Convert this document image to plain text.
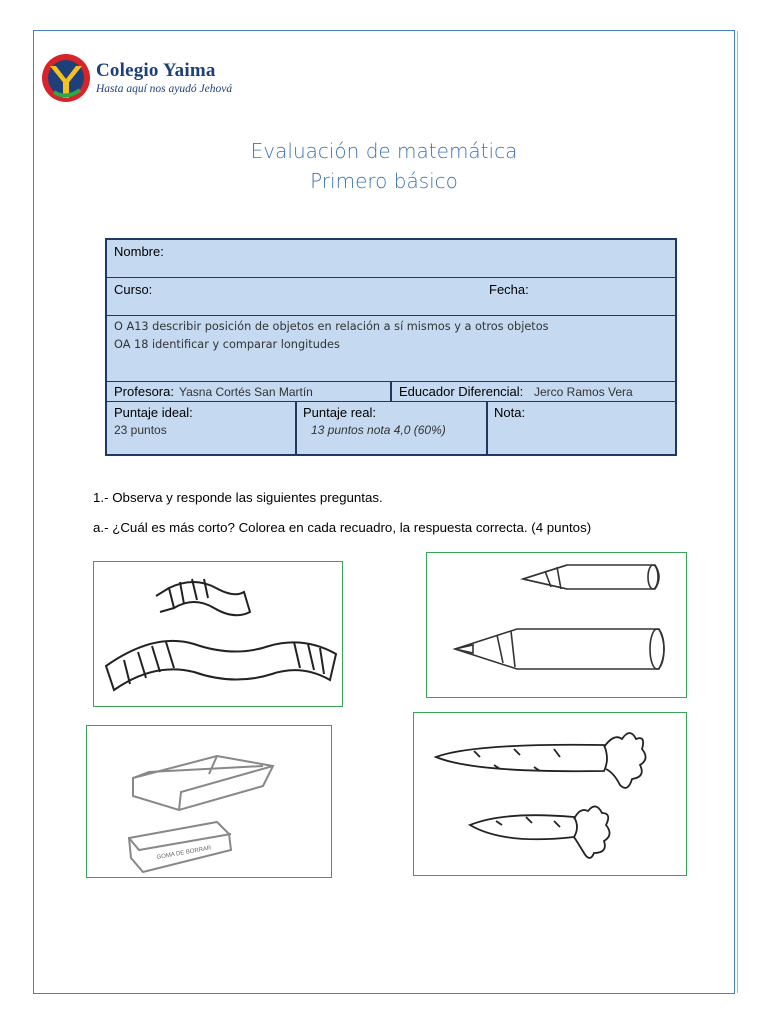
Colegio Yaima
Hasta aquí nos ayudó Jehová
Evaluación de matemática
Primero básico
Nombre:
Curso:	Fecha:
O A13 describir posición de objetos en relación a sí mismos y a otros objetos
OA 18 identificar y comparar longitudes
Profesora: Yasna Cortés San Martín	Educador Diferencial: Jerco Ramos Vera
Puntaje ideal:
23 puntos
Puntaje real:
13 puntos nota 4,0 (60%)
Nota:
1.- Observa y responde las siguientes preguntas.
a.- ¿Cuál es más corto? Colorea en cada recuadro, la respuesta correcta. (4 puntos)
GOMA DE BORRAR
